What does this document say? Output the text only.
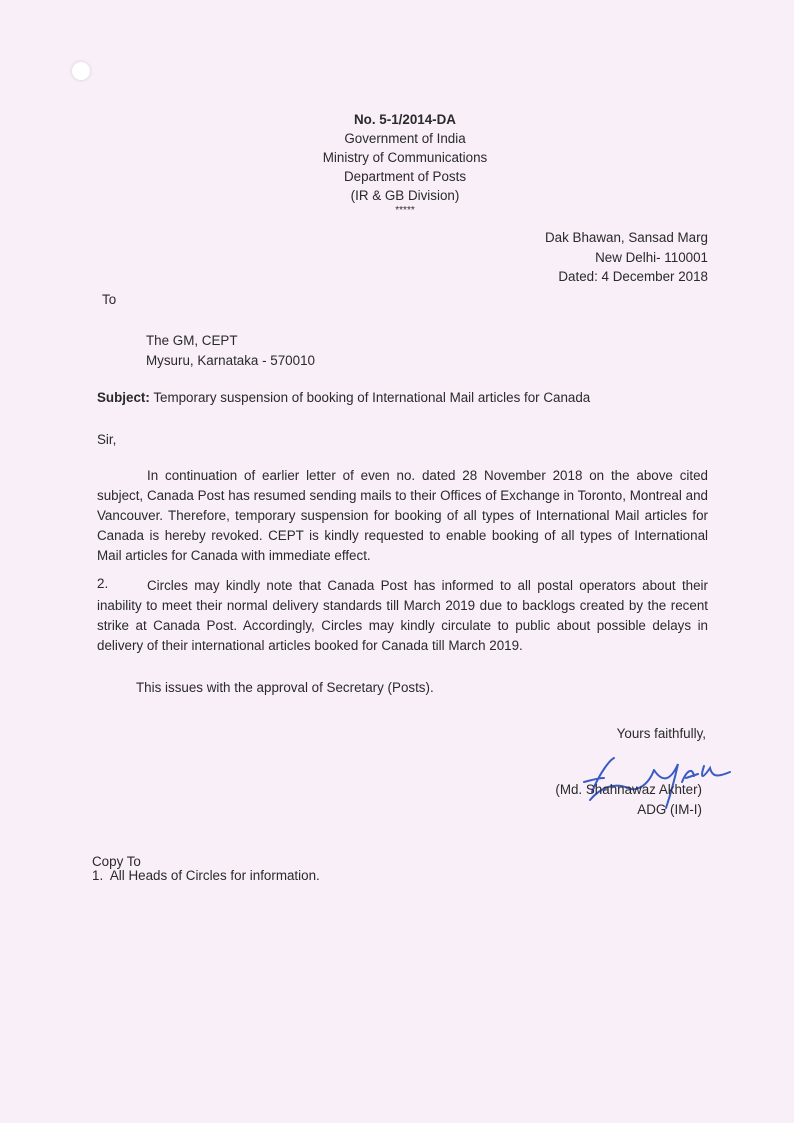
No. 5-1/2014-DA
Government of India
Ministry of Communications
Department of Posts
(IR & GB Division)
*****
Dak Bhawan, Sansad Marg
New Delhi- 110001
Dated: 4 December 2018
To
The GM, CEPT
Mysuru, Karnataka - 570010
Subject: Temporary suspension of booking of International Mail articles for Canada
Sir,
In continuation of earlier letter of even no. dated 28 November 2018 on the above cited subject, Canada Post has resumed sending mails to their Offices of Exchange in Toronto, Montreal and Vancouver. Therefore, temporary suspension for booking of all types of International Mail articles for Canada is hereby revoked. CEPT is kindly requested to enable booking of all types of International Mail articles for Canada with immediate effect.
2.	Circles may kindly note that Canada Post has informed to all postal operators about their inability to meet their normal delivery standards till March 2019 due to backlogs created by the recent strike at Canada Post. Accordingly, Circles may kindly circulate to public about possible delays in delivery of their international articles booked for Canada till March 2019.
This issues with the approval of Secretary (Posts).
Yours faithfully,
(Md. Shahnawaz Akhter)
ADG (IM-I)
Copy To
1.  All Heads of Circles for information.
